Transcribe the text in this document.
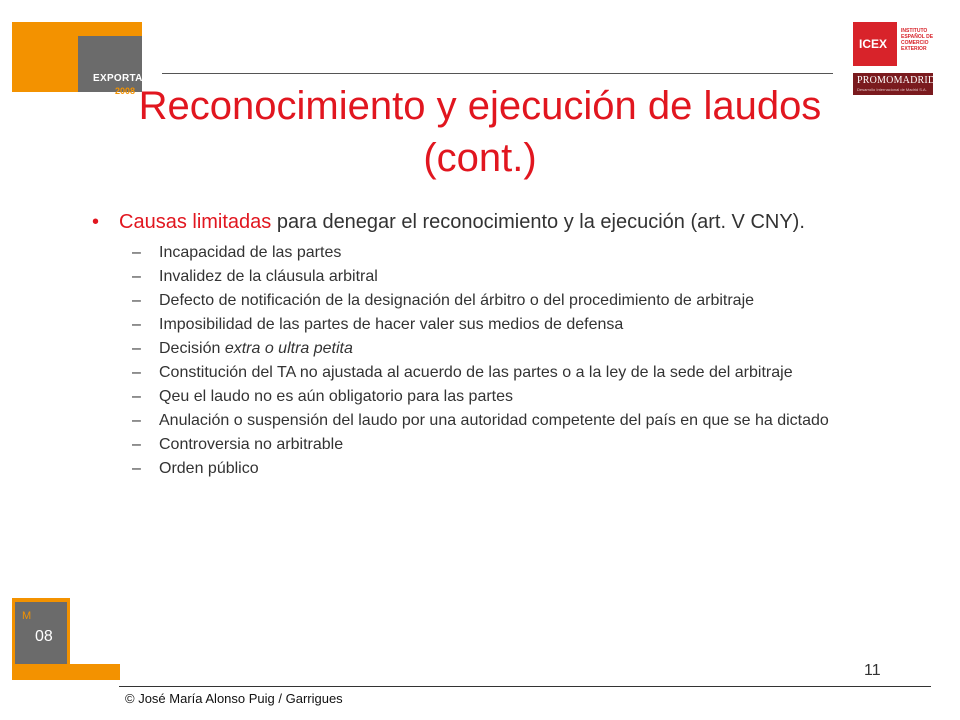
EXPORTA
2008
ICEX
INSTITUTO ESPAÑOL DE COMERCIO EXTERIOR
PROMOMADRID
Desarrollo Internacional de Madrid S.A.
Reconocimiento y ejecución de laudos (cont.)
• Causas limitadas para denegar el reconocimiento y la ejecución (art. V CNY).
– Incapacidad de las partes
– Invalidez de la cláusula arbitral
– Defecto de notificación de la designación del árbitro o del procedimiento de arbitraje
– Imposibilidad de las partes de hacer valer sus medios de defensa
– Decisión extra o ultra petita
– Constitución del TA no ajustada al acuerdo de las partes o a la ley de la sede del arbitraje
– Qeu el laudo no es aún obligatorio para las partes
– Anulación o suspensión del laudo por una autoridad competente del país en que se ha dictado
– Controversia no arbitrable
– Orden público
M
08
11
© José María Alonso Puig / Garrigues
